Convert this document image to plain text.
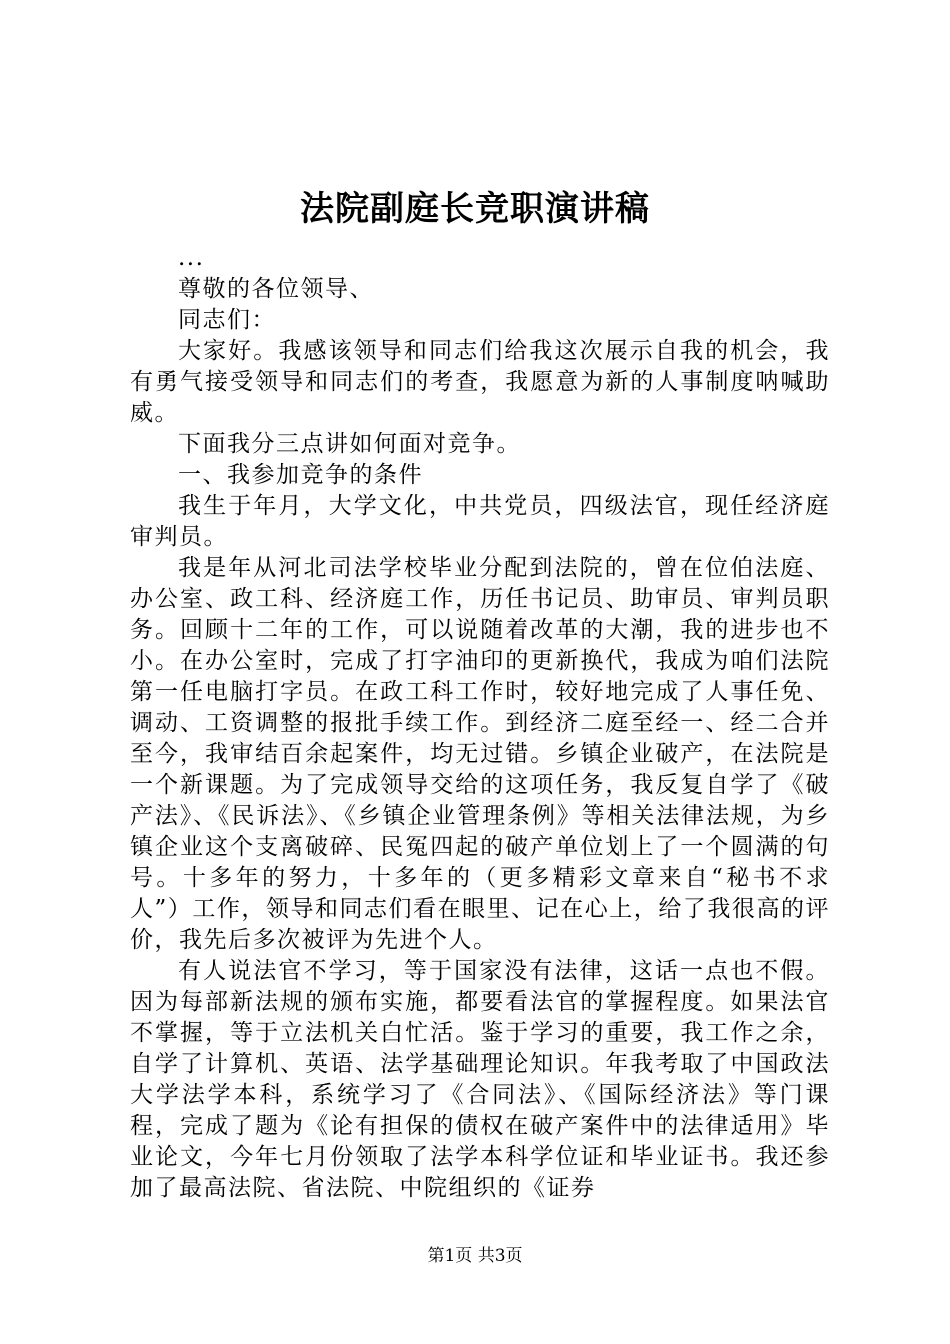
法院副庭长竞职演讲稿

...

尊敬的各位领导、

同志们：

大家好。我感该领导和同志们给我这次展示自我的机会，我有勇气接受领导和同志们的考查，我愿意为新的人事制度呐喊助威。

下面我分三点讲如何面对竞争。

一、我参加竞争的条件

我生于年月，大学文化，中共党员，四级法官，现任经济庭审判员。

我是年从河北司法学校毕业分配到法院的，曾在位伯法庭、办公室、政工科、经济庭工作，历任书记员、助审员、审判员职务。回顾十二年的工作，可以说随着改革的大潮，我的进步也不小。在办公室时，完成了打字油印的更新换代，我成为咱们法院第一任电脑打字员。在政工科工作时，较好地完成了人事任免、调动、工资调整的报批手续工作。到经济二庭至经一、经二合并至今，我审结百余起案件，均无过错。乡镇企业破产，在法院是一个新课题。为了完成领导交给的这项任务，我反复自学了《破产法》、《民诉法》、《乡镇企业管理条例》等相关法律法规，为乡镇企业这个支离破碎、民冤四起的破产单位划上了一个圆满的句号。十多年的努力，十多年的（更多精彩文章来自“秘书不求人”）工作，领导和同志们看在眼里、记在心上，给了我很高的评价，我先后多次被评为先进个人。

有人说法官不学习，等于国家没有法律，这话一点也不假。因为每部新法规的颁布实施，都要看法官的掌握程度。如果法官不掌握，等于立法机关白忙活。鉴于学习的重要，我工作之余，自学了计算机、英语、法学基础理论知识。年我考取了中国政法大学法学本科，系统学习了《合同法》、《国际经济法》等门课程，完成了题为《论有担保的债权在破产案件中的法律适用》毕业论文，今年七月份领取了法学本科学位证和毕业证书。我还参加了最高法院、省法院、中院组织的《证券

第1页 共3页
